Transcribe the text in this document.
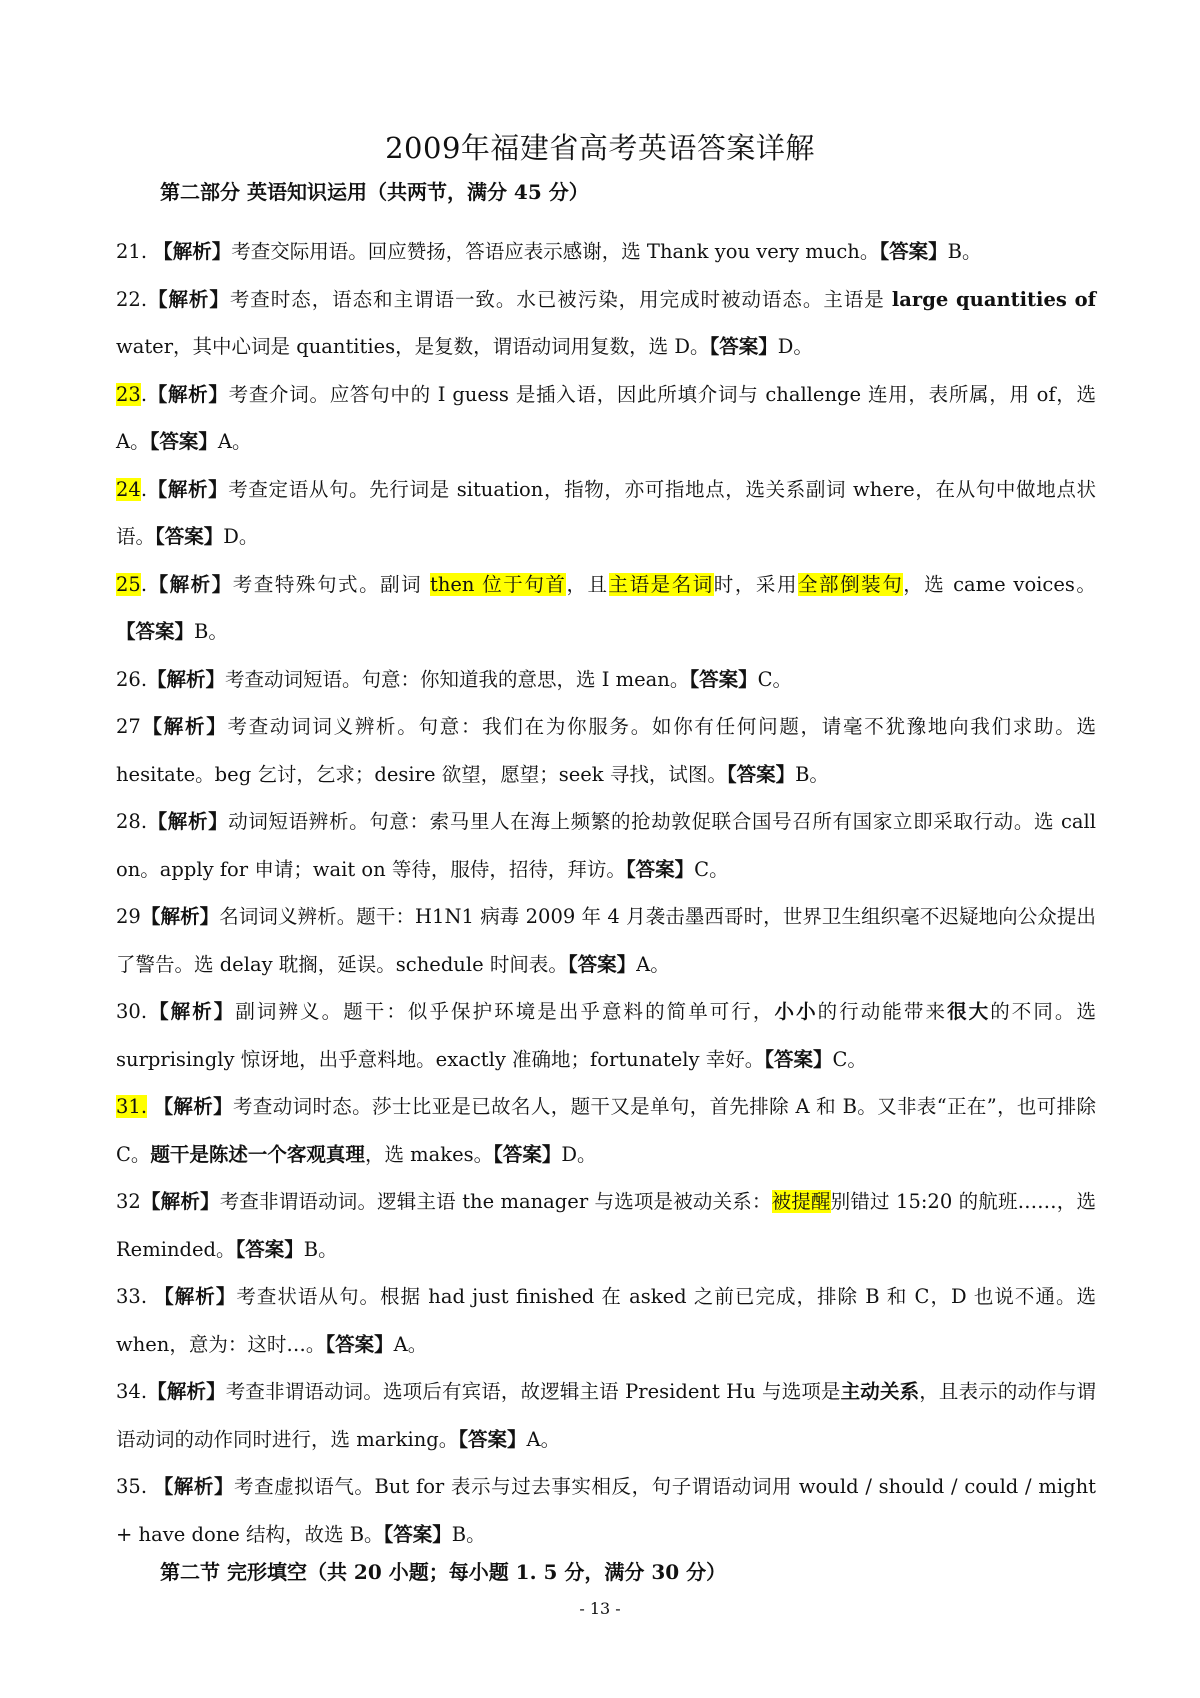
2009年福建省高考英语答案详解
第二部分 英语知识运用（共两节，满分 45 分）

21. 【解析】考查交际用语。回应赞扬，答语应表示感谢，选 Thank you very much。【答案】B。

22.【解析】考查时态，语态和主谓语一致。水已被污染，用完成时被动语态。主语是 large quantities of water，其中心词是 quantities，是复数，谓语动词用复数，选 D。【答案】D。

23.【解析】考查介词。应答句中的 I guess 是插入语，因此所填介词与 challenge 连用，表所属，用 of，选 A。【答案】A。

24.【解析】考查定语从句。先行词是 situation，指物，亦可指地点，选关系副词 where，在从句中做地点状语。【答案】D。

25.【解析】考查特殊句式。副词 then 位于句首，且主语是名词时，采用全部倒装句，选 came voices。【答案】B。

26.【解析】考查动词短语。句意：你知道我的意思，选 I mean。【答案】C。

27【解析】考查动词词义辨析。句意：我们在为你服务。如你有任何问题，请毫不犹豫地向我们求助。选 hesitate。beg 乞讨，乞求；desire 欲望，愿望；seek 寻找，试图。【答案】B。

28.【解析】动词短语辨析。句意：索马里人在海上频繁的抢劫敦促联合国号召所有国家立即采取行动。选 call on。apply for 申请；wait on 等待，服侍，招待，拜访。【答案】C。

29【解析】名词词义辨析。题干：H1N1 病毒 2009 年 4 月袭击墨西哥时，世界卫生组织毫不迟疑地向公众提出了警告。选 delay 耽搁，延误。schedule 时间表。【答案】A。

30.【解析】副词辨义。题干：似乎保护环境是出乎意料的简单可行，小小的行动能带来很大的不同。选 surprisingly 惊讶地，出乎意料地。exactly 准确地；fortunately 幸好。【答案】C。

31. 【解析】考查动词时态。莎士比亚是已故名人，题干又是单句，首先排除 A 和 B。又非表“正在”，也可排除 C。题干是陈述一个客观真理，选 makes。【答案】D。

32【解析】考查非谓语动词。逻辑主语 the manager 与选项是被动关系：被提醒别错过 15:20 的航班……，选 Reminded。【答案】B。

33. 【解析】考查状语从句。根据 had just finished 在 asked 之前已完成，排除 B 和 C，D 也说不通。选 when，意为：这时…。【答案】A。

34.【解析】考查非谓语动词。选项后有宾语，故逻辑主语 President Hu 与选项是主动关系，且表示的动作与谓语动词的动作同时进行，选 marking。【答案】A。

35. 【解析】考查虚拟语气。But for 表示与过去事实相反，句子谓语动词用 would / should / could / might + have done 结构，故选 B。【答案】B。

第二节 完形填空（共 20 小题；每小题 1. 5 分，满分 30 分）
- 13 -
